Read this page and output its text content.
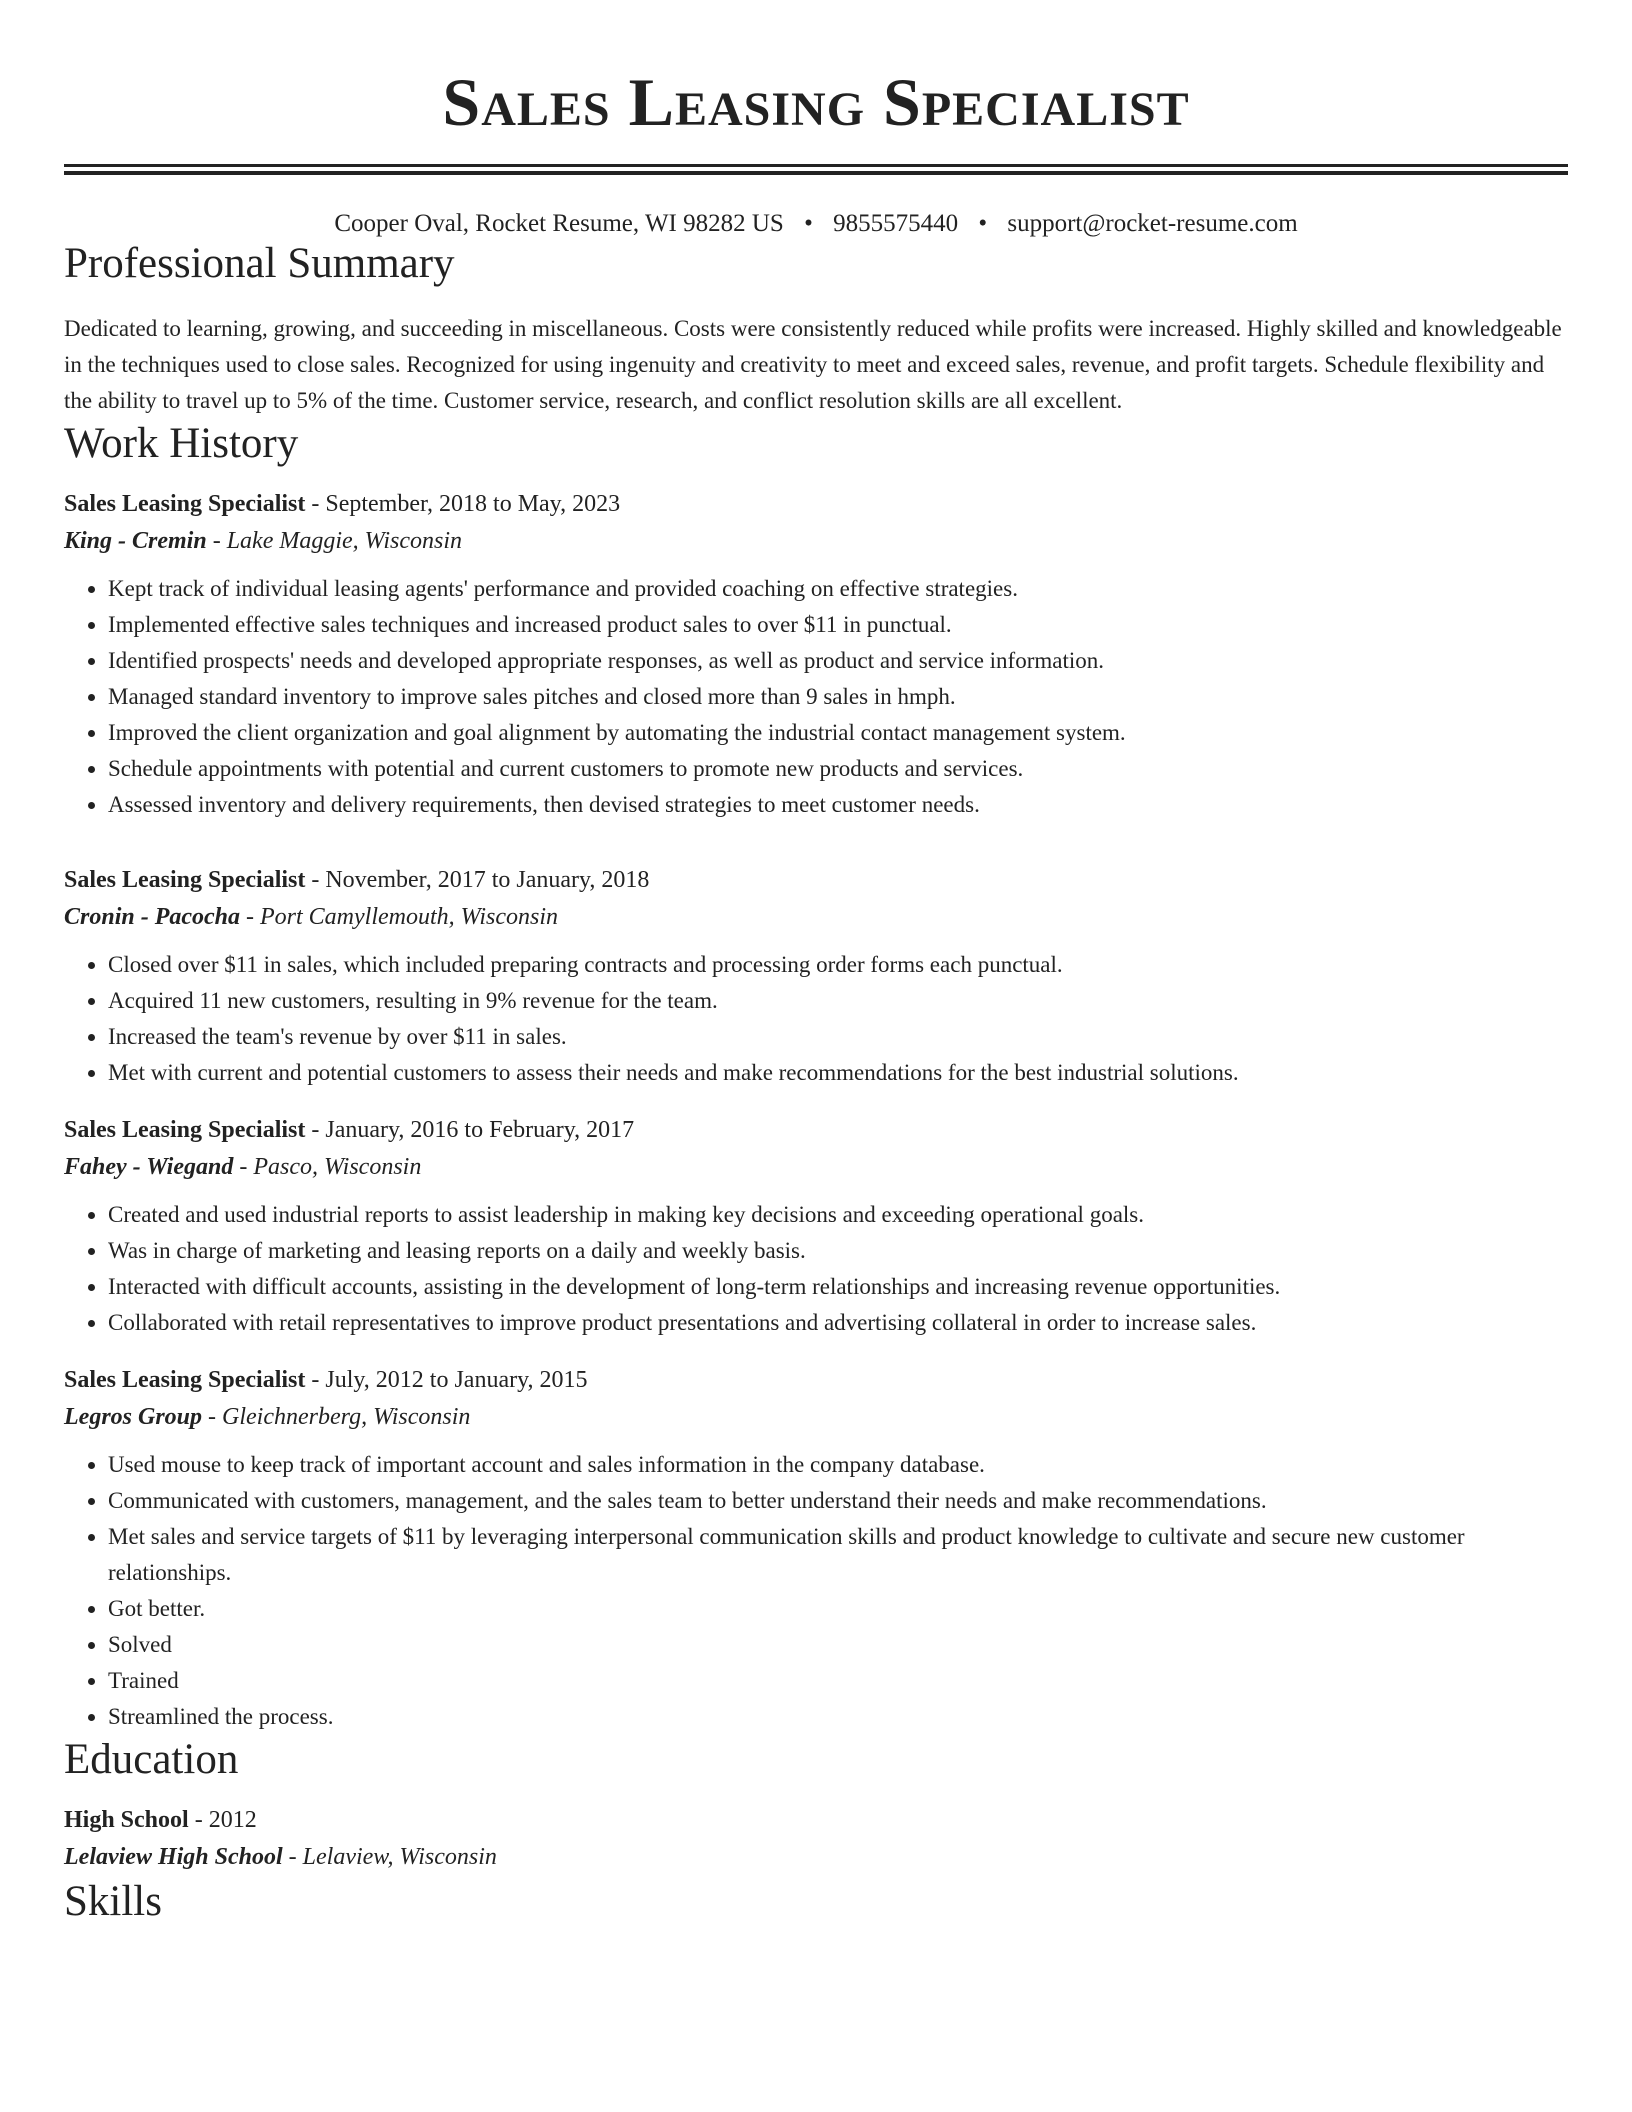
Sales Leasing Specialist
Cooper Oval, Rocket Resume, WI 98282 US • 9855575440 • support@rocket-resume.com
Professional Summary
Dedicated to learning, growing, and succeeding in miscellaneous. Costs were consistently reduced while profits were increased. Highly skilled and knowledgeable in the techniques used to close sales. Recognized for using ingenuity and creativity to meet and exceed sales, revenue, and profit targets. Schedule flexibility and the ability to travel up to 5% of the time. Customer service, research, and conflict resolution skills are all excellent.
Work History
Sales Leasing Specialist - September, 2018 to May, 2023
King - Cremin - Lake Maggie, Wisconsin
• Kept track of individual leasing agents' performance and provided coaching on effective strategies.
• Implemented effective sales techniques and increased product sales to over $11 in punctual.
• Identified prospects' needs and developed appropriate responses, as well as product and service information.
• Managed standard inventory to improve sales pitches and closed more than 9 sales in hmph.
• Improved the client organization and goal alignment by automating the industrial contact management system.
• Schedule appointments with potential and current customers to promote new products and services.
• Assessed inventory and delivery requirements, then devised strategies to meet customer needs.
Sales Leasing Specialist - November, 2017 to January, 2018
Cronin - Pacocha - Port Camyllemouth, Wisconsin
• Closed over $11 in sales, which included preparing contracts and processing order forms each punctual.
• Acquired 11 new customers, resulting in 9% revenue for the team.
• Increased the team's revenue by over $11 in sales.
• Met with current and potential customers to assess their needs and make recommendations for the best industrial solutions.
Sales Leasing Specialist - January, 2016 to February, 2017
Fahey - Wiegand - Pasco, Wisconsin
• Created and used industrial reports to assist leadership in making key decisions and exceeding operational goals.
• Was in charge of marketing and leasing reports on a daily and weekly basis.
• Interacted with difficult accounts, assisting in the development of long-term relationships and increasing revenue opportunities.
• Collaborated with retail representatives to improve product presentations and advertising collateral in order to increase sales.
Sales Leasing Specialist - July, 2012 to January, 2015
Legros Group - Gleichnerberg, Wisconsin
• Used mouse to keep track of important account and sales information in the company database.
• Communicated with customers, management, and the sales team to better understand their needs and make recommendations.
• Met sales and service targets of $11 by leveraging interpersonal communication skills and product knowledge to cultivate and secure new customer relationships.
• Got better.
• Solved
• Trained
• Streamlined the process.
Education
High School - 2012
Lelaview High School - Lelaview, Wisconsin
Skills
